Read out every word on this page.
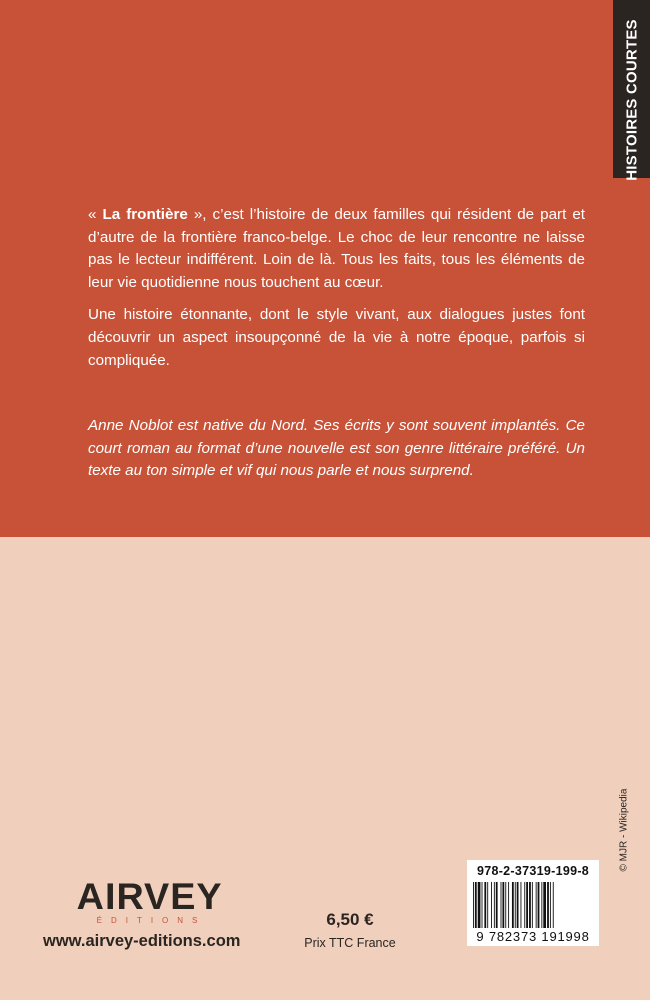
HISTOIRES COURTES

« La frontière », c’est l’histoire de deux familles qui résident de part et d’autre de la frontière franco-belge. Le choc de leur rencontre ne laisse pas le lecteur indifférent. Loin de là. Tous les faits, tous les éléments de leur vie quotidienne nous touchent au cœur.

Une histoire étonnante, dont le style vivant, aux dialogues justes font découvrir un aspect insoupçonné de la vie à notre époque, parfois si compliquée.

Anne Noblot est native du Nord. Ses écrits y sont souvent implantés. Ce court roman au format d’une nouvelle est son genre littéraire préféré. Un texte au ton simple et vif qui nous parle et nous surprend.
© MJR - Wikipedia
AIRVEY
ÉDITIONS
www.airvey-editions.com
6,50 €
Prix TTC France
978-2-37319-199-8
9 782373 191998
